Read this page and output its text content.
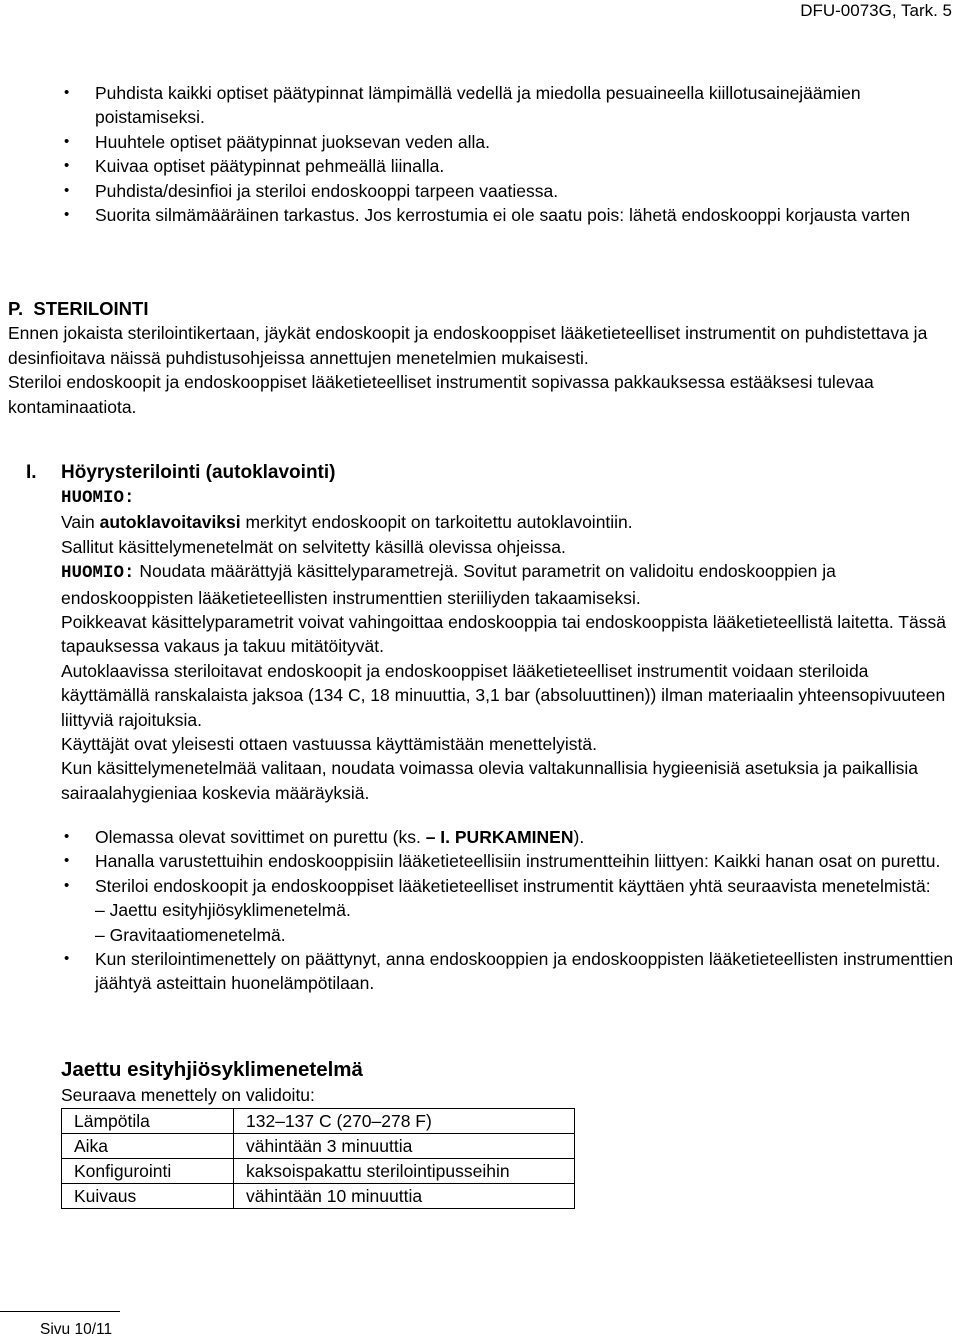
DFU-0073G, Tark. 5
•	Puhdista kaikki optiset päätypinnat lämpimällä vedellä ja miedolla pesuaineella kiillotusainejäämien poistamiseksi.
•	Huuhtele optiset päätypinnat juoksevan veden alla.
•	Kuivaa optiset päätypinnat pehmeällä liinalla.
•	Puhdista/desinfioi ja steriloi endoskooppi tarpeen vaatiessa.
•	Suorita silmämääräinen tarkastus. Jos kerrostumia ei ole saatu pois: lähetä endoskooppi korjausta varten
P.  STERILOINTI
Ennen jokaista sterilointikertaan, jäykät endoskoopit ja endoskooppiset lääketieteelliset instrumentit on puhdistettava ja desinfioitava näissä puhdistusohjeissa annettujen menetelmien mukaisesti.
Steriloi endoskoopit ja endoskooppiset lääketieteelliset instrumentit sopivassa pakkauksessa estääksesi tulevaa kontaminaatiota.
I.	Höyrysterilointi (autoklavointi)
HUOMIO:
Vain autoklavoitaviksi merkityt endoskoopit on tarkoitettu autoklavointiin.
Sallitut käsittelymenetelmät on selvitetty käsillä olevissa ohjeissa.
HUOMIO: Noudata määrättyjä käsittelyparametrejä. Sovitut parametrit on validoitu endoskooppien ja endoskooppisten lääketieteellisten instrumenttien steriiliyden takaamiseksi.
Poikkeavat käsittelyparametrit voivat vahingoittaa endoskooppia tai endoskooppista lääketieteellistä laitetta. Tässä tapauksessa vakaus ja takuu mitätöityvät.
Autoklaavissa steriloitavat endoskoopit ja endoskooppiset lääketieteelliset instrumentit voidaan steriloida käyttämällä ranskalaista jaksoa (134 C, 18 minuuttia, 3,1 bar (absoluuttinen)) ilman materiaalin yhteensopivuuteen liittyviä rajoituksia.
Käyttäjät ovat yleisesti ottaen vastuussa käyttämistään menettelyistä.
Kun käsittelymenetelmää valitaan, noudata voimassa olevia valtakunnallisia hygieenisiä asetuksia ja paikallisia sairaalahygieniaa koskevia määräyksiä.
•	Olemassa olevat sovittimet on purettu (ks. – I. PURKAMINEN).
•	Hanalla varustettuihin endoskooppisiin lääketieteellisiin instrumentteihin liittyen: Kaikki hanan osat on purettu.
•	Steriloi endoskoopit ja endoskooppiset lääketieteelliset instrumentit käyttäen yhtä seuraavista menetelmistä:
– Jaettu esityhjiösyklimenetelmä.
– Gravitaatiomenetelmä.
•	Kun sterilointimenettely on päättynyt, anna endoskooppien ja endoskooppisten lääketieteellisten instrumenttien jäähtyä asteittain huonelämpötilaan.
Jaettu esityhjiösyklimenetelmä
Seuraava menettely on validoitu:
Lämpötila	132–137 C (270–278 F)
Aika	vähintään 3 minuuttia
Konfigurointi	kaksoispakattu sterilointipusseihin
Kuivaus	vähintään 10 minuuttia
Sivu 10/11
